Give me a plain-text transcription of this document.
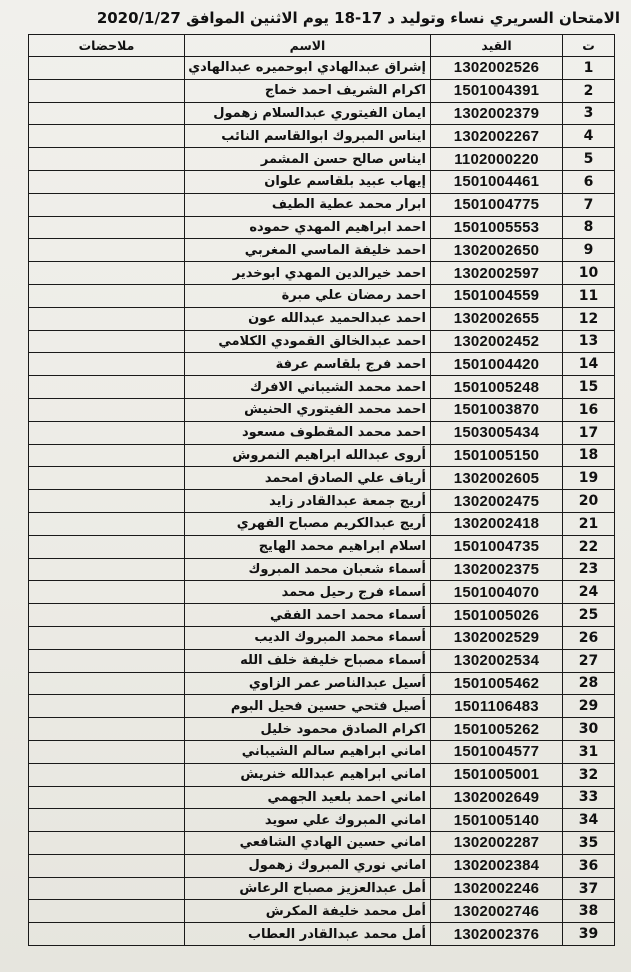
الامتحان السريري نساء وتوليد د 17-18 يوم الاثنين الموافق 2020/1/27
ت	القيد	الاسم	ملاحضات
1	1302002526	إشراق عبدالهادي ابوحميره عبدالهادي	
2	1501004391	اكرام الشريف احمد خماج	
3	1302002379	ايمان الفيتوري عبدالسلام زهمول	
4	1302002267	ايناس المبروك ابوالقاسم النائب	
5	1102000220	ايناس صالح حسن المشمر	
6	1501004461	إيهاب عبيد بلقاسم علوان	
7	1501004775	ابرار محمد عطية الطيف	
8	1501005553	احمد ابراهيم المهدي حموده	
9	1302002650	احمد خليفة الماسي المغربي	
10	1302002597	احمد خيرالدين المهدي ابوخدير	
11	1501004559	احمد رمضان علي مبرة	
12	1302002655	احمد عبدالحميد عبدالله عون	
13	1302002452	احمد عبدالخالق القمودي الكلامي	
14	1501004420	احمد فرج بلقاسم عرفة	
15	1501005248	احمد محمد الشيباني الافرك	
16	1501003870	احمد محمد الفيتوري الحنيش	
17	1503005434	احمد محمد المقطوف مسعود	
18	1501005150	أروى عبدالله ابراهيم النمروش	
19	1302002605	أرياف علي الصادق امحمد	
20	1302002475	أريج جمعة عبدالقادر زايد	
21	1302002418	أريج عبدالكريم مصباح الفهري	
22	1501004735	اسلام ابراهيم محمد الهايج	
23	1302002375	أسماء شعبان محمد المبروك	
24	1501004070	أسماء فرج رحيل محمد	
25	1501005026	أسماء محمد احمد الفقي	
26	1302002529	أسماء محمد المبروك الديب	
27	1302002534	أسماء مصباح خليفة خلف الله	
28	1501005462	أسيل عبدالناصر عمر الزاوي	
29	1501106483	أصيل فتحي حسين فحيل البوم	
30	1501005262	اكرام الصادق محمود خليل	
31	1501004577	اماني ابراهيم سالم الشيباني	
32	1501005001	اماني ابراهيم عبدالله خنريش	
33	1302002649	اماني احمد بلعيد الجهمي	
34	1501005140	اماني المبروك علي سويد	
35	1302002287	اماني حسين الهادي الشافعي	
36	1302002384	اماني نوري المبروك زهمول	
37	1302002246	أمل عبدالعزيز مصباح الرعاش	
38	1302002746	أمل محمد خليفة المكرش	
39	1302002376	أمل محمد عبدالقادر العطاب	
